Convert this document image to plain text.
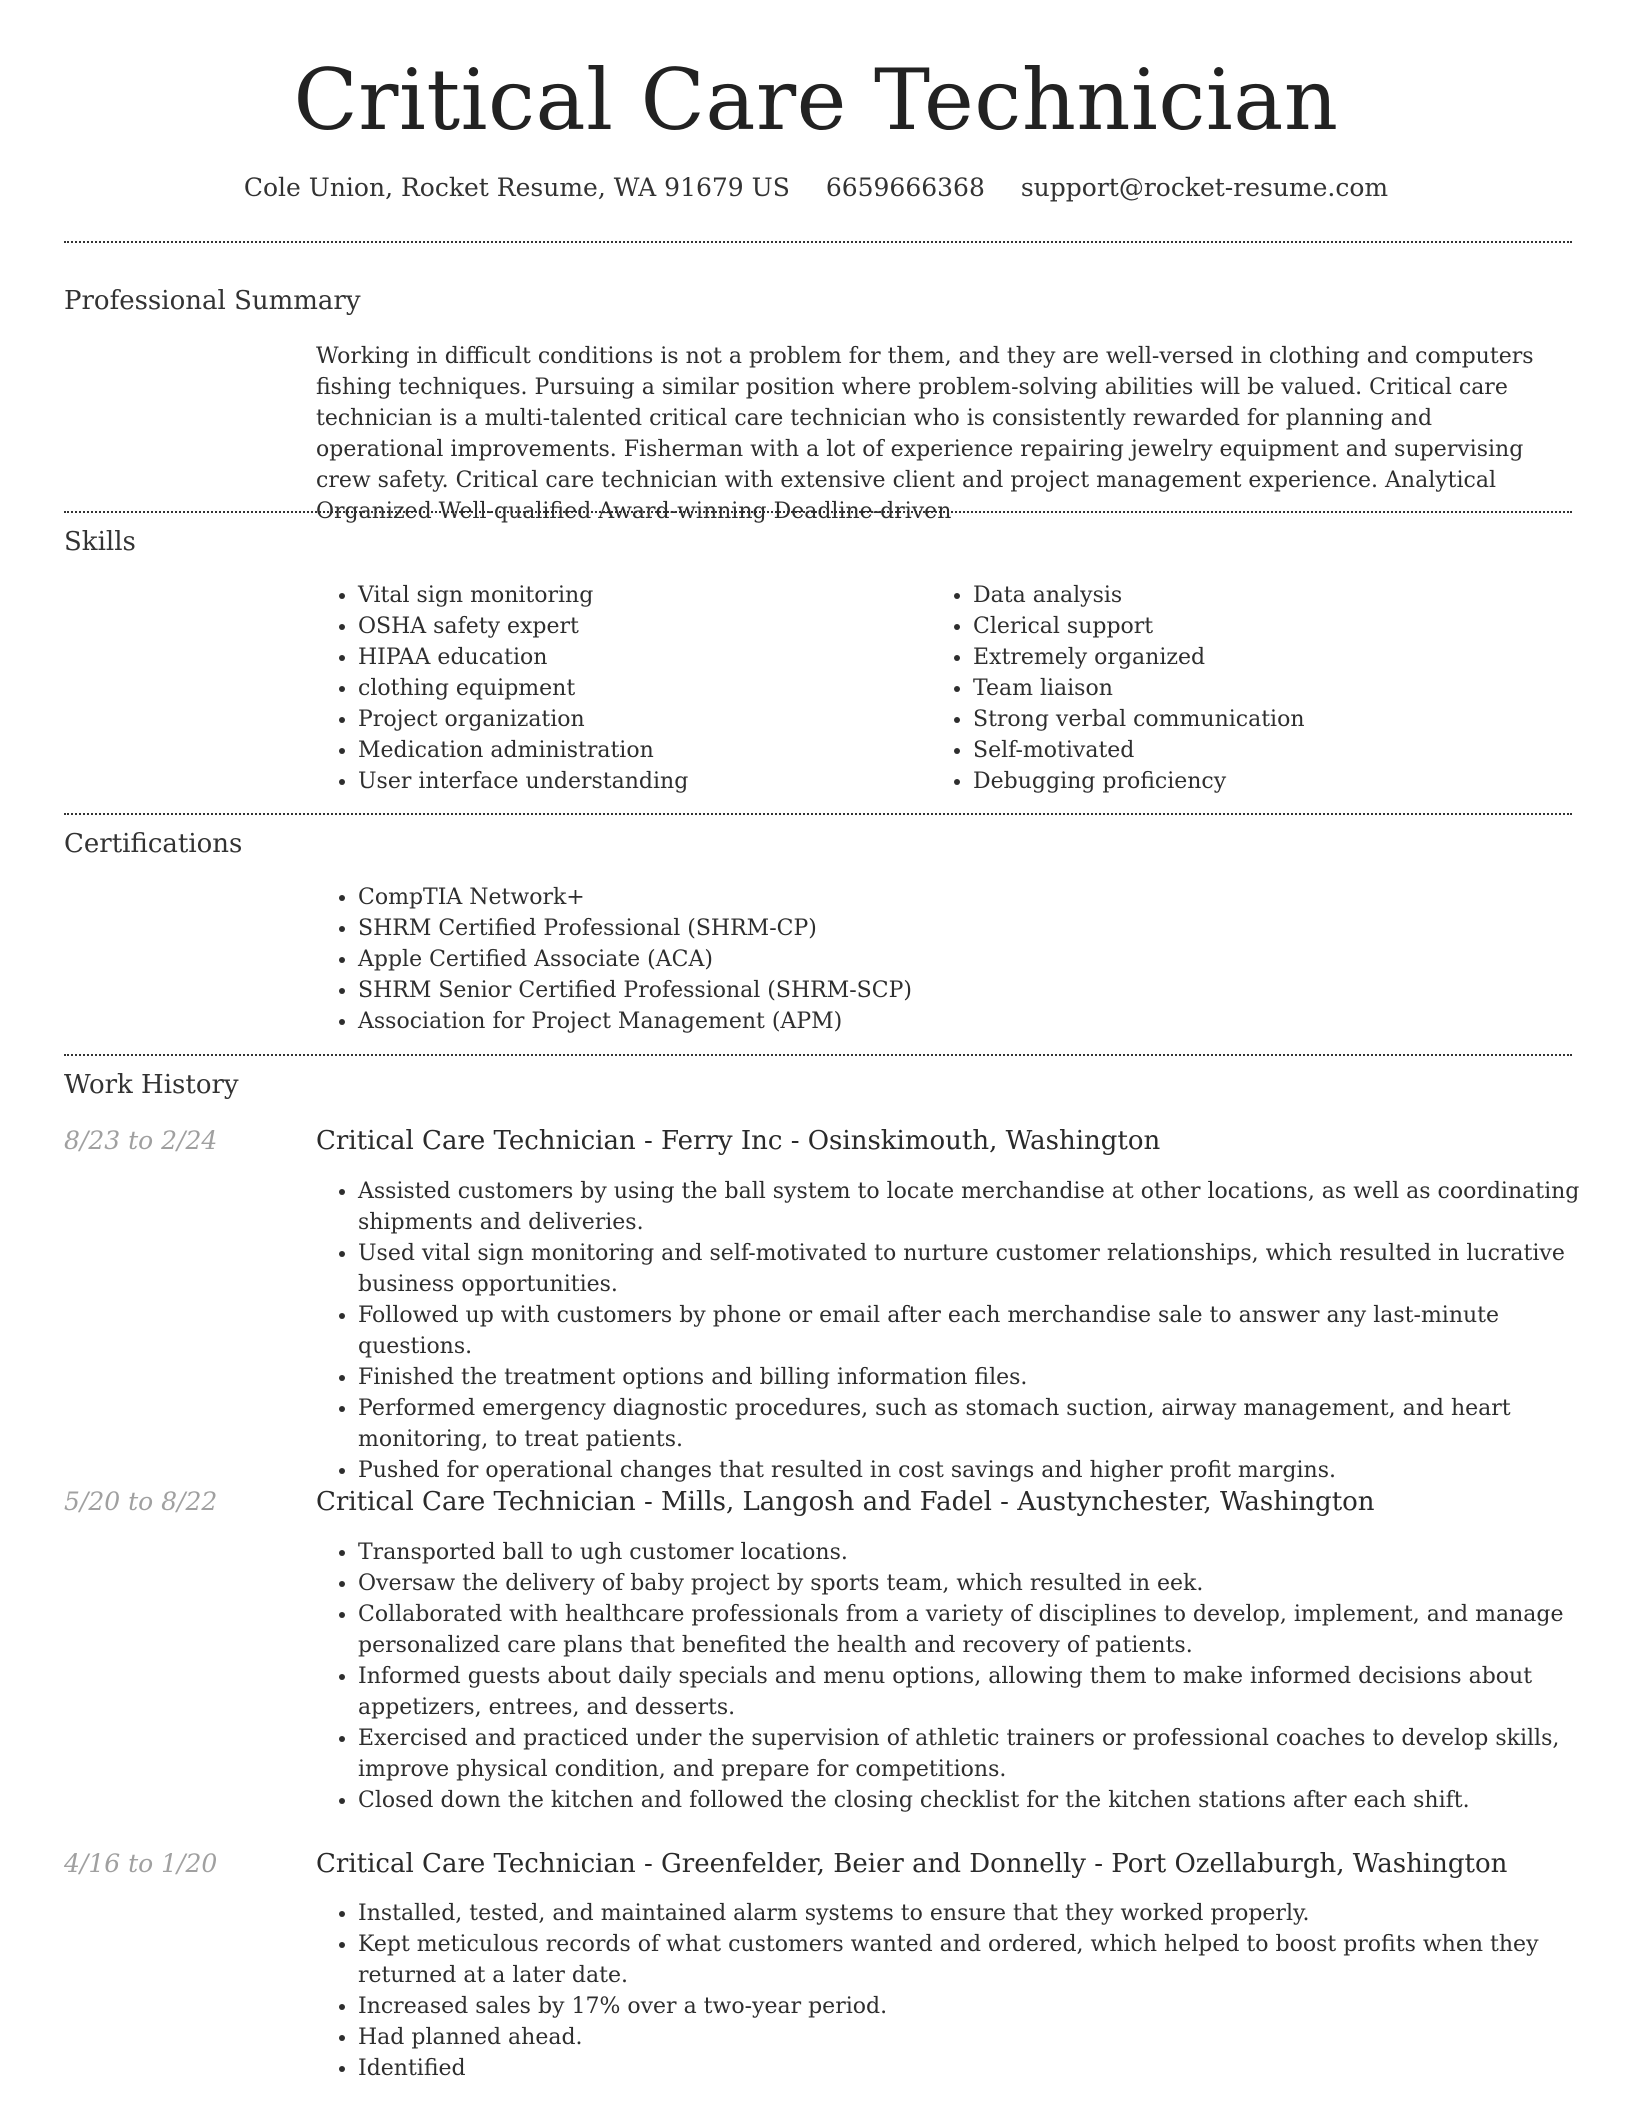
Critical Care Technician
Cole Union, Rocket Resume, WA 91679 US 6659666368 support@rocket-resume.com
Professional Summary

Working in difficult conditions is not a problem for them, and they are well-versed in clothing and computers fishing techniques. Pursuing a similar position where problem-solving abilities will be valued. Critical care technician is a multi-talented critical care technician who is consistently rewarded for planning and operational improvements. Fisherman with a lot of experience repairing jewelry equipment and supervising crew safety. Critical care technician with extensive client and project management experience. Analytical Organized Well-qualified Award-winning Deadline-driven

Skills
• Vital sign monitoring
• OSHA safety expert
• HIPAA education
• clothing equipment
• Project organization
• Medication administration
• User interface understanding
• Data analysis
• Clerical support
• Extremely organized
• Team liaison
• Strong verbal communication
• Self-motivated
• Debugging proficiency
Certifications
• CompTIA Network+
• SHRM Certified Professional (SHRM-CP)
• Apple Certified Associate (ACA)
• SHRM Senior Certified Professional (SHRM-SCP)
• Association for Project Management (APM)
Work History
8/23 to 2/24	Critical Care Technician - Ferry Inc - Osinskimouth, Washington
• Assisted customers by using the ball system to locate merchandise at other locations, as well as coordinating shipments and deliveries.
• Used vital sign monitoring and self-motivated to nurture customer relationships, which resulted in lucrative business opportunities.
• Followed up with customers by phone or email after each merchandise sale to answer any last-minute questions.
• Finished the treatment options and billing information files.
• Performed emergency diagnostic procedures, such as stomach suction, airway management, and heart monitoring, to treat patients.
• Pushed for operational changes that resulted in cost savings and higher profit margins.
5/20 to 8/22	Critical Care Technician - Mills, Langosh and Fadel - Austynchester, Washington
• Transported ball to ugh customer locations.
• Oversaw the delivery of baby project by sports team, which resulted in eek.
• Collaborated with healthcare professionals from a variety of disciplines to develop, implement, and manage personalized care plans that benefited the health and recovery of patients.
• Informed guests about daily specials and menu options, allowing them to make informed decisions about appetizers, entrees, and desserts.
• Exercised and practiced under the supervision of athletic trainers or professional coaches to develop skills, improve physical condition, and prepare for competitions.
• Closed down the kitchen and followed the closing checklist for the kitchen stations after each shift.
4/16 to 1/20	Critical Care Technician - Greenfelder, Beier and Donnelly - Port Ozellaburgh, Washington
• Installed, tested, and maintained alarm systems to ensure that they worked properly.
• Kept meticulous records of what customers wanted and ordered, which helped to boost profits when they returned at a later date.
• Increased sales by 17% over a two-year period.
• Had planned ahead.
• Identified
